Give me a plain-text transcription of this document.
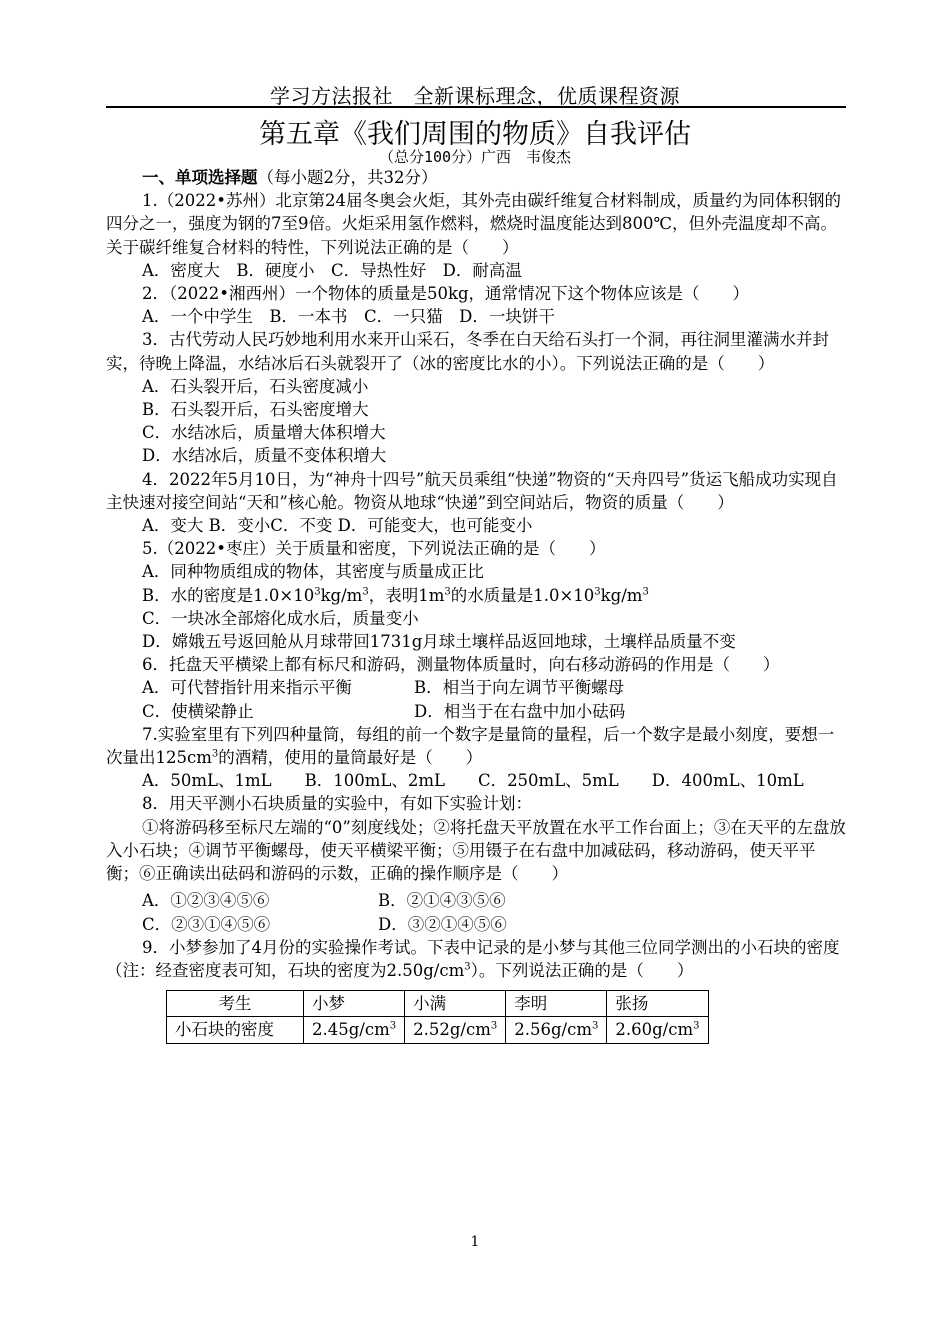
学习方法报社　全新课标理念，优质课程资源
第五章《我们周围的物质》自我评估
（总分100分）广西　韦俊杰

一、单项选择题（每小题2分，共32分）

1.（2022•苏州）北京第24届冬奥会火炬，其外壳由碳纤维复合材料制成，质量约为同体积钢的四分之一，强度为钢的7至9倍。火炬采用氢作燃料，燃烧时温度能达到800℃，但外壳温度却不高。关于碳纤维复合材料的特性，下列说法正确的是（　　）

A．密度大　B．硬度小　C．导热性好　D．耐高温

2．（2022•湘西州）一个物体的质量是50kg，通常情况下这个物体应该是（　　）

A．一个中学生　B．一本书　C．一只猫　D．一块饼干

3．古代劳动人民巧妙地利用水来开山采石，冬季在白天给石头打一个洞，再往洞里灌满水并封实，待晚上降温，水结冰后石头就裂开了（冰的密度比水的小）。下列说法正确的是（　　）

A．石头裂开后，石头密度减小

B．石头裂开后，石头密度增大

C．水结冰后，质量增大体积增大

D．水结冰后，质量不变体积增大

4．2022年5月10日，为“神舟十四号”航天员乘组“快递”物资的“天舟四号”货运飞船成功实现自主快速对接空间站“天和”核心舱。物资从地球“快递”到空间站后，物资的质量（　　）

A．变大 B．变小C．不变 D．可能变大，也可能变小

5.（2022•枣庄）关于质量和密度，下列说法正确的是（　　）

A．同种物质组成的物体，其密度与质量成正比

B．水的密度是$1.0\times 10^3kg/m^3$，表明$1m^3$的水质量是$1.0\times 10^3kg/m^3$

C．一块冰全部熔化成水后，质量变小

D．嫦娥五号返回舱从月球带回1731g月球土壤样品返回地球，土壤样品质量不变

6．托盘天平横梁上都有标尺和游码，测量物体质量时，向右移动游码的作用是（　　）

A．可代替指针用来指示平衡	B．相当于向左调节平衡螺母

C．使横梁静止	D．相当于在右盘中加小砝码

7.实验室里有下列四种量筒，每组的前一个数字是量筒的量程，后一个数字是最小刻度，要想一次量出$125cm^3$的酒精，使用的量筒最好是（　　）

A．50mL、1mL　　B．100mL、2mL　　C．250mL、5mL　　D．400mL、10mL

8．用天平测小石块质量的实验中，有如下实验计划：

①将游码移至标尺左端的“0”刻度线处；②将托盘天平放置在水平工作台面上；③在天平的左盘放入小石块；④调节平衡螺母，使天平横梁平衡；⑤用镊子在右盘中加减砝码，移动游码，使天平平衡；⑥正确读出砝码和游码的示数，正确的操作顺序是（　　）

A．①②③④⑤⑥	B．②①④③⑤⑥

C．②③①④⑤⑥	D．③②①④⑤⑥

9．小梦参加了4月份的实验操作考试。下表中记录的是小梦与其他三位同学测出的小石块的密度（注：经查密度表可知，石块的密度为$2.50g/cm^3$）。下列说法正确的是（　　）

考生	小梦	小满	李明	张扬
小石块的密度	$2.45g/cm^3$	$2.52g/cm^3$	$2.56g/cm^3$	$2.60g/cm^3$
1
